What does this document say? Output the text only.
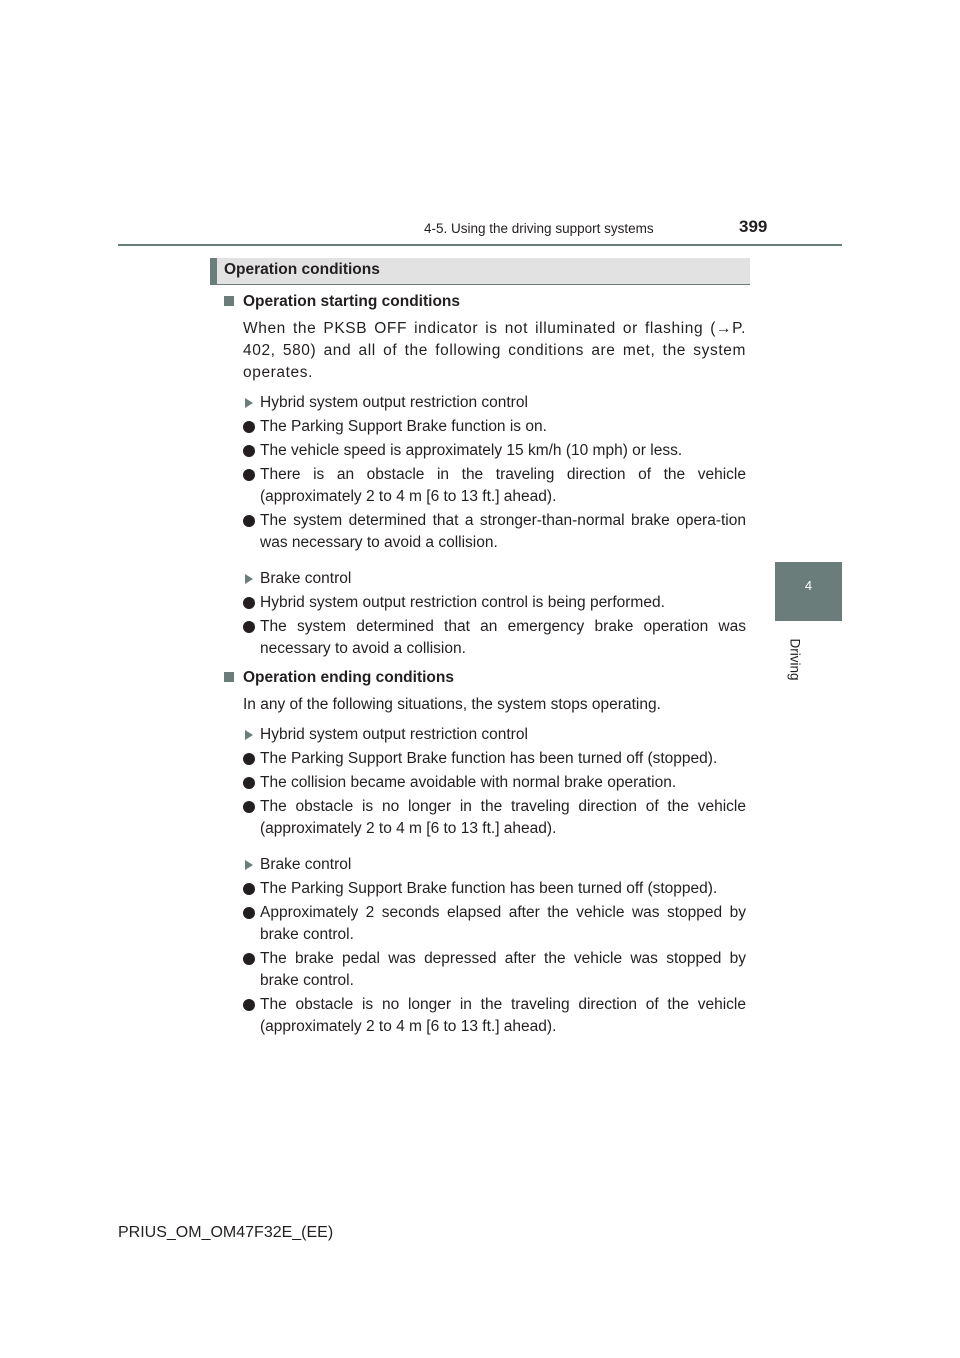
4-5. Using the driving support systems	399
4
Driving
Operation conditions
Operation starting conditions
When the PKSB OFF indicator is not illuminated or flashing (→P. 402, 580) and all of the following conditions are met, the system operates.
Hybrid system output restriction control
The Parking Support Brake function is on.
The vehicle speed is approximately 15 km/h (10 mph) or less.
There is an obstacle in the traveling direction of the vehicle (approximately 2 to 4 m [6 to 13 ft.] ahead).
The system determined that a stronger-than-normal brake opera-tion was necessary to avoid a collision.
Brake control
Hybrid system output restriction control is being performed.
The system determined that an emergency brake operation was necessary to avoid a collision.
Operation ending conditions
In any of the following situations, the system stops operating.
Hybrid system output restriction control
The Parking Support Brake function has been turned off (stopped).
The collision became avoidable with normal brake operation.
The obstacle is no longer in the traveling direction of the vehicle (approximately 2 to 4 m [6 to 13 ft.] ahead).
Brake control
The Parking Support Brake function has been turned off (stopped).
Approximately 2 seconds elapsed after the vehicle was stopped by brake control.
The brake pedal was depressed after the vehicle was stopped by brake control.
The obstacle is no longer in the traveling direction of the vehicle (approximately 2 to 4 m [6 to 13 ft.] ahead).
PRIUS_OM_OM47F32E_(EE)
